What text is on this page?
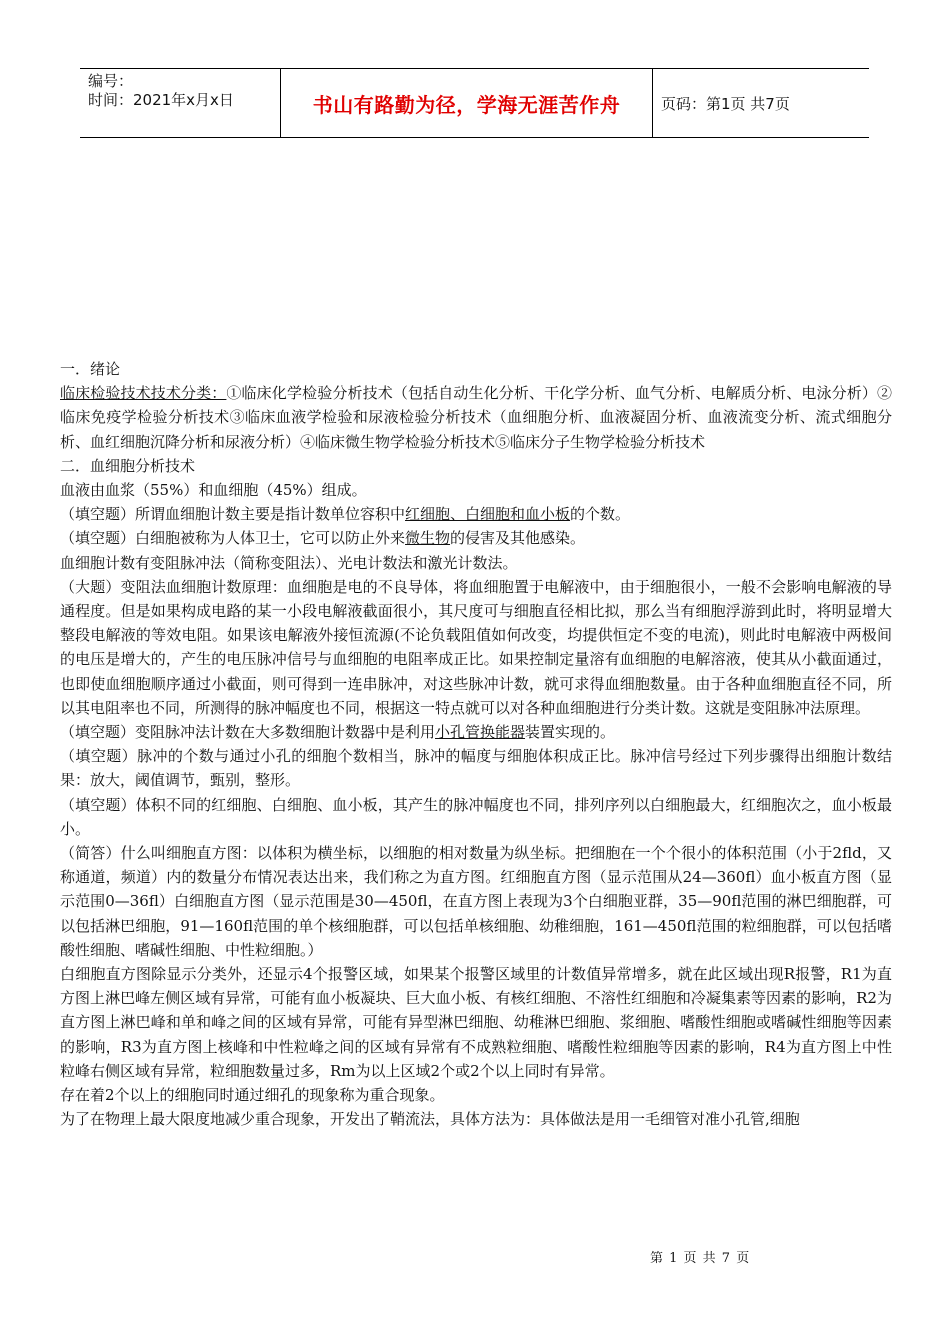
编号：
时间：2021年x月x日	书山有路勤为径，学海无涯苦作舟	页码：第1页 共7页

一．绪论

临床检验技术技术分类：①临床化学检验分析技术（包括自动生化分析、干化学分析、血气分析、电解质分析、电泳分析）②临床免疫学检验分析技术③临床血液学检验和尿液检验分析技术（血细胞分析、血液凝固分析、血液流变分析、流式细胞分析、血红细胞沉降分析和尿液分析）④临床微生物学检验分析技术⑤临床分子生物学检验分析技术

二．血细胞分析技术

血液由血浆（55%）和血细胞（45%）组成。

（填空题）所谓血细胞计数主要是指计数单位容积中红细胞、白细胞和血小板的个数。

（填空题）白细胞被称为人体卫士，它可以防止外来微生物的侵害及其他感染。

血细胞计数有变阻脉冲法（简称变阻法）、光电计数法和激光计数法。

（大题）变阻法血细胞计数原理：血细胞是电的不良导体，将血细胞置于电解液中，由于细胞很小，一般不会影响电解液的导通程度。但是如果构成电路的某一小段电解液截面很小，其尺度可与细胞直径相比拟，那么当有细胞浮游到此时，将明显增大整段电解液的等效电阻。如果该电解液外接恒流源(不论负载阻值如何改变，均提供恒定不变的电流)，则此时电解液中两极间的电压是增大的，产生的电压脉冲信号与血细胞的电阻率成正比。如果控制定量溶有血细胞的电解溶液，使其从小截面通过，也即使血细胞顺序通过小截面，则可得到一连串脉冲，对这些脉冲计数，就可求得血细胞数量。由于各种血细胞直径不同，所以其电阻率也不同，所测得的脉冲幅度也不同，根据这一特点就可以对各种血细胞进行分类计数。这就是变阻脉冲法原理。

（填空题）变阻脉冲法计数在大多数细胞计数器中是利用小孔管换能器装置实现的。

（填空题）脉冲的个数与通过小孔的细胞个数相当，脉冲的幅度与细胞体积成正比。脉冲信号经过下列步骤得出细胞计数结果：放大，阈值调节，甄别，整形。

（填空题）体积不同的红细胞、白细胞、血小板，其产生的脉冲幅度也不同，排列序列以白细胞最大，红细胞次之，血小板最小。

（简答）什么叫细胞直方图：以体积为横坐标，以细胞的相对数量为纵坐标。把细胞在一个个很小的体积范围（小于2fld，又称通道，频道）内的数量分布情况表达出来，我们称之为直方图。红细胞直方图（显示范围从24—360fl）血小板直方图（显示范围0—36fl）白细胞直方图（显示范围是30—450fl，在直方图上表现为3个白细胞亚群，35—90fl范围的淋巴细胞群，可以包括淋巴细胞，91—160fl范围的单个核细胞群，可以包括单核细胞、幼稚细胞，161—450fl范围的粒细胞群，可以包括嗜酸性细胞、嗜碱性细胞、中性粒细胞。）

白细胞直方图除显示分类外，还显示4个报警区域，如果某个报警区域里的计数值异常增多，就在此区域出现R报警，R1为直方图上淋巴峰左侧区域有异常，可能有血小板凝块、巨大血小板、有核红细胞、不溶性红细胞和冷凝集素等因素的影响，R2为直方图上淋巴峰和单和峰之间的区域有异常，可能有异型淋巴细胞、幼稚淋巴细胞、浆细胞、嗜酸性细胞或嗜碱性细胞等因素的影响，R3为直方图上核峰和中性粒峰之间的区域有异常有不成熟粒细胞、嗜酸性粒细胞等因素的影响，R4为直方图上中性粒峰右侧区域有异常，粒细胞数量过多，Rm为以上区域2个或2个以上同时有异常。

存在着2个以上的细胞同时通过细孔的现象称为重合现象。

为了在物理上最大限度地减少重合现象，开发出了鞘流法，具体方法为：具体做法是用一毛细管对准小孔管,细胞

第 1 页 共 7 页
